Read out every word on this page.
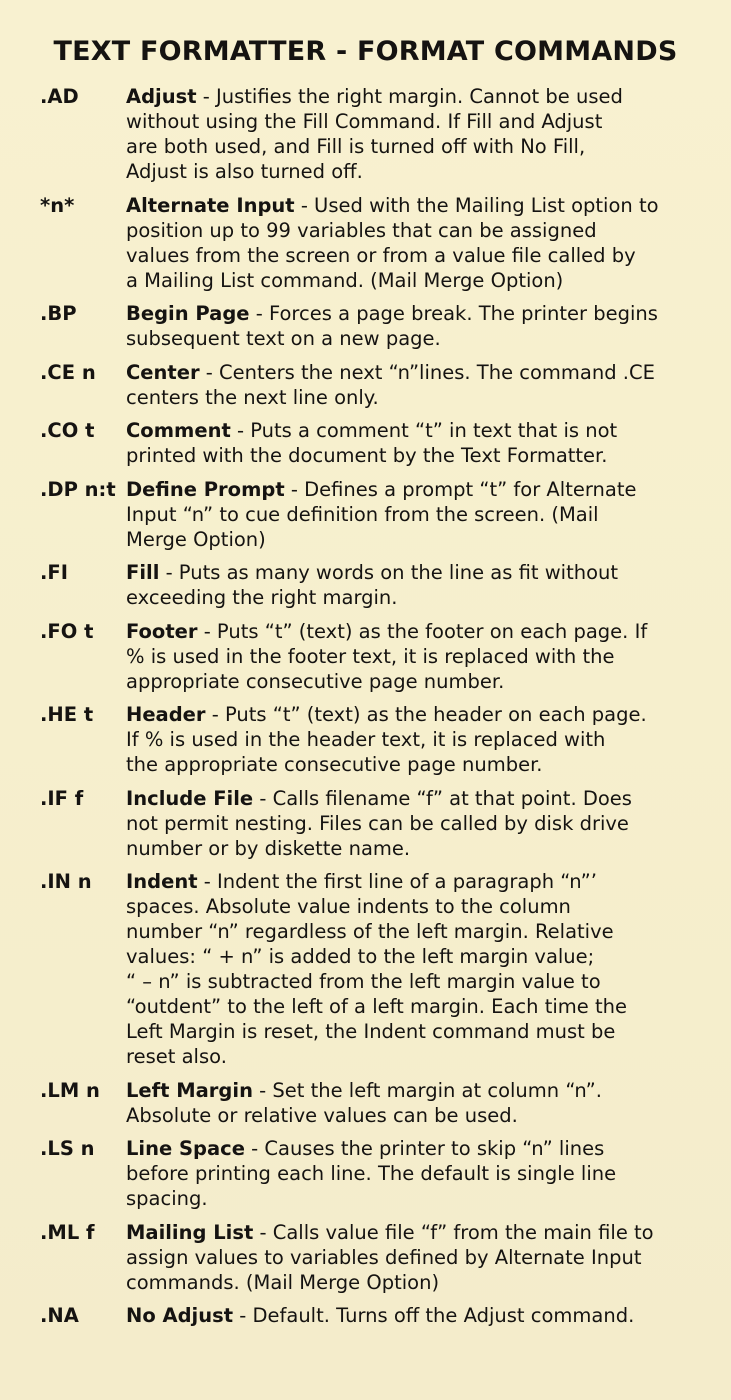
TEXT FORMATTER - FORMAT COMMANDS
.AD	Adjust - Justifies the right margin. Cannot be used
without using the Fill Command. If Fill and Adjust
are both used, and Fill is turned off with No Fill,
Adjust is also turned off.
*n*	Alternate Input - Used with the Mailing List option to
position up to 99 variables that can be assigned
values from the screen or from a value file called by
a Mailing List command. (Mail Merge Option)
.BP	Begin Page - Forces a page break. The printer begins
subsequent text on a new page.
.CE n	Center - Centers the next “n”lines. The command .CE
centers the next line only.
.CO t	Comment - Puts a comment “t” in text that is not
printed with the document by the Text Formatter.
.DP n:t Define Prompt - Defines a prompt “t” for Alternate
Input “n” to cue definition from the screen. (Mail
Merge Option)
.FI	Fill - Puts as many words on the line as fit without
exceeding the right margin.
.FO t	Footer - Puts “t” (text) as the footer on each page. If
% is used in the footer text, it is replaced with the
appropriate consecutive page number.
.HE t	Header - Puts “t” (text) as the header on each page.
If % is used in the header text, it is replaced with
the appropriate consecutive page number.
.IF f	Include File - Calls filename “f” at that point. Does
not permit nesting. Files can be called by disk drive
number or by diskette name.
.IN n	Indent - Indent the first line of a paragraph “n”’
spaces. Absolute value indents to the column
number “n” regardless of the left margin. Relative
values: “ + n” is added to the left margin value;
“ – n” is subtracted from the left margin value to
“outdent” to the left of a left margin. Each time the
Left Margin is reset, the Indent command must be
reset also.
.LM n	Left Margin - Set the left margin at column “n”.
Absolute or relative values can be used.
.LS n	Line Space - Causes the printer to skip “n” lines
before printing each line. The default is single line
spacing.
.ML f	Mailing List - Calls value file “f” from the main file to
assign values to variables defined by Alternate Input
commands. (Mail Merge Option)
.NA	No Adjust - Default. Turns off the Adjust command.
